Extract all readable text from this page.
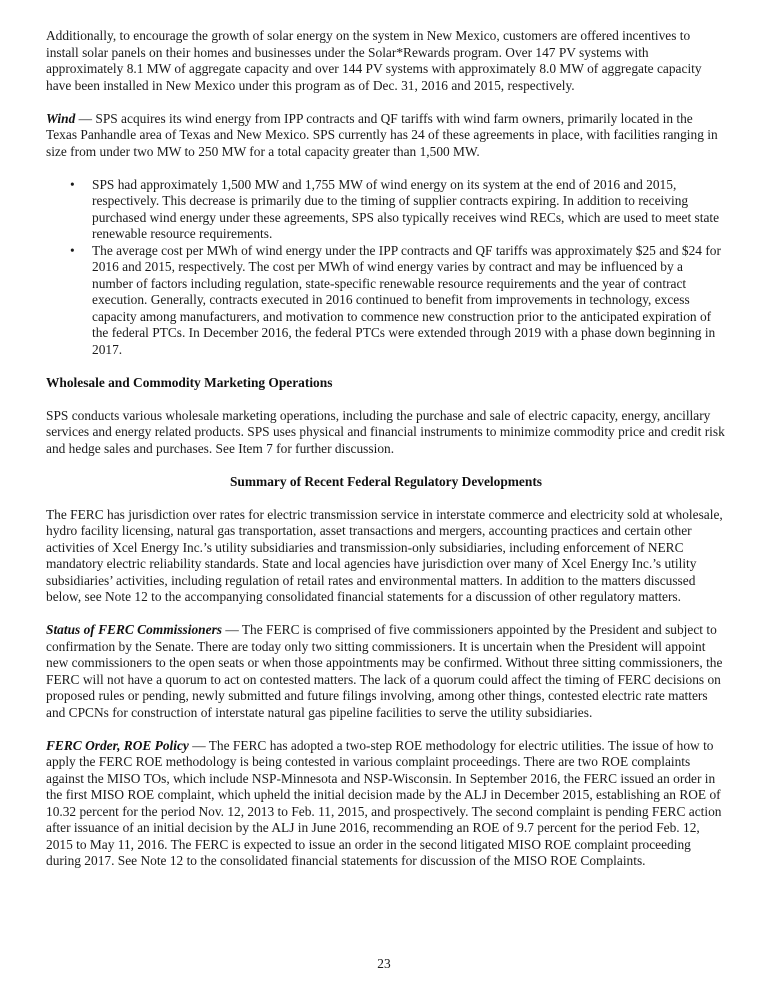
Additionally, to encourage the growth of solar energy on the system in New Mexico, customers are offered incentives to install solar panels on their homes and businesses under the Solar*Rewards program. Over 147 PV systems with approximately 8.1 MW of aggregate capacity and over 144 PV systems with approximately 8.0 MW of aggregate capacity have been installed in New Mexico under this program as of Dec. 31, 2016 and 2015, respectively.

Wind — SPS acquires its wind energy from IPP contracts and QF tariffs with wind farm owners, primarily located in the Texas Panhandle area of Texas and New Mexico. SPS currently has 24 of these agreements in place, with facilities ranging in size from under two MW to 250 MW for a total capacity greater than 1,500 MW.

• SPS had approximately 1,500 MW and 1,755 MW of wind energy on its system at the end of 2016 and 2015, respectively. This decrease is primarily due to the timing of supplier contracts expiring. In addition to receiving purchased wind energy under these agreements, SPS also typically receives wind RECs, which are used to meet state renewable resource requirements.
• The average cost per MWh of wind energy under the IPP contracts and QF tariffs was approximately $25 and $24 for 2016 and 2015, respectively. The cost per MWh of wind energy varies by contract and may be influenced by a number of factors including regulation, state-specific renewable resource requirements and the year of contract execution. Generally, contracts executed in 2016 continued to benefit from improvements in technology, excess capacity among manufacturers, and motivation to commence new construction prior to the anticipated expiration of the federal PTCs. In December 2016, the federal PTCs were extended through 2019 with a phase down beginning in 2017.
Wholesale and Commodity Marketing Operations

SPS conducts various wholesale marketing operations, including the purchase and sale of electric capacity, energy, ancillary services and energy related products. SPS uses physical and financial instruments to minimize commodity price and credit risk and hedge sales and purchases. See Item 7 for further discussion.

Summary of Recent Federal Regulatory Developments

The FERC has jurisdiction over rates for electric transmission service in interstate commerce and electricity sold at wholesale, hydro facility licensing, natural gas transportation, asset transactions and mergers, accounting practices and certain other activities of Xcel Energy Inc.’s utility subsidiaries and transmission-only subsidiaries, including enforcement of NERC mandatory electric reliability standards. State and local agencies have jurisdiction over many of Xcel Energy Inc.’s utility subsidiaries’ activities, including regulation of retail rates and environmental matters. In addition to the matters discussed below, see Note 12 to the accompanying consolidated financial statements for a discussion of other regulatory matters.

Status of FERC Commissioners — The FERC is comprised of five commissioners appointed by the President and subject to confirmation by the Senate. There are today only two sitting commissioners. It is uncertain when the President will appoint new commissioners to the open seats or when those appointments may be confirmed. Without three sitting commissioners, the FERC will not have a quorum to act on contested matters. The lack of a quorum could affect the timing of FERC decisions on proposed rules or pending, newly submitted and future filings involving, among other things, contested electric rate matters and CPCNs for construction of interstate natural gas pipeline facilities to serve the utility subsidiaries.

FERC Order, ROE Policy — The FERC has adopted a two-step ROE methodology for electric utilities. The issue of how to apply the FERC ROE methodology is being contested in various complaint proceedings. There are two ROE complaints against the MISO TOs, which include NSP-Minnesota and NSP-Wisconsin. In September 2016, the FERC issued an order in the first MISO ROE complaint, which upheld the initial decision made by the ALJ in December 2015, establishing an ROE of 10.32 percent for the period Nov. 12, 2013 to Feb. 11, 2015, and prospectively. The second complaint is pending FERC action after issuance of an initial decision by the ALJ in June 2016, recommending an ROE of 9.7 percent for the period Feb. 12, 2015 to May 11, 2016. The FERC is expected to issue an order in the second litigated MISO ROE complaint proceeding during 2017. See Note 12 to the consolidated financial statements for discussion of the MISO ROE Complaints.

23
